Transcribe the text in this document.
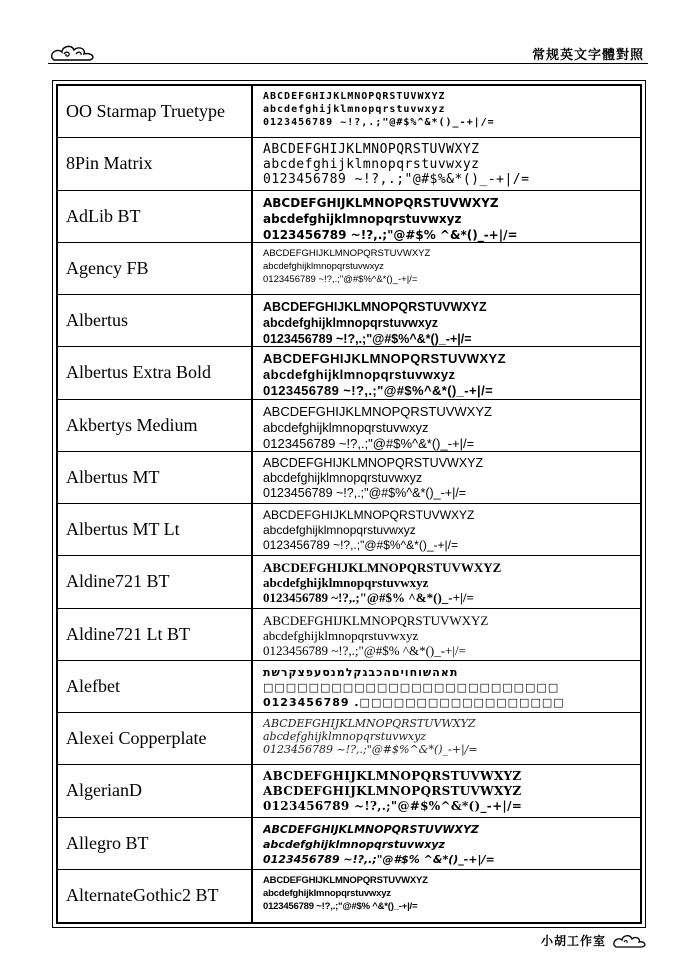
常规英文字體對照
OO Starmap Truetype
ABCDEFGHIJKLMNOPQRSTUVWXYZ
abcdefghijklmnopqrstuvwxyz
0123456789 ~!?,.;"@#$%^&*()_-+|/=
8Pin Matrix
ABCDEFGHIJKLMNOPQRSTUVWXYZ
abcdefghijklmnopqrstuvwxyz
0123456789 ~!?,.;"@#$%&*()_-+|/=
AdLib BT
ABCDEFGHIJKLMNOPQRSTUVWXYZ
abcdefghijklmnopqrstuvwxyz
0123456789 ~!?,.;"@#$% ^&*()_-+|/=
Agency FB
ABCDEFGHIJKLMNOPQRSTUVWXYZ
abcdefghijklmnopqrstuvwxyz
0123456789 ~!?,.;"@#$%^&*()_-+|/=
Albertus
ABCDEFGHIJKLMNOPQRSTUVWXYZ
abcdefghijklmnopqrstuvwxyz
0123456789 ~!?,.;"@#$%^&*()_-+|/=
Albertus Extra Bold
ABCDEFGHIJKLMNOPQRSTUVWXYZ
abcdefghijklmnopqrstuvwxyz
0123456789 ~!?,.;"@#$%^&*()_-+|/=
Akbertys Medium
ABCDEFGHIJKLMNOPQRSTUVWXYZ
abcdefghijklmnopqrstuvwxyz
0123456789 ~!?,.;"@#$%^&*()_-+|/=
Albertus MT
ABCDEFGHIJKLMNOPQRSTUVWXYZ
abcdefghijklmnopqrstuvwxyz
0123456789 ~!?,.;"@#$%^&*()_-+|/=
Albertus MT Lt
ABCDEFGHIJKLMNOPQRSTUVWXYZ
abcdefghijklmnopqrstuvwxyz
0123456789 ~!?,.;"@#$%^&*()_-+|/=
Aldine721 BT
ABCDEFGHIJKLMNOPQRSTUVWXYZ
abcdefghijklmnopqrstuvwxyz
0123456789 ~!?,.;"@#$% ^&*()_-+|/=
Aldine721 Lt BT
ABCDEFGHIJKLMNOPQRSTUVWXYZ
abcdefghijklmnopqrstuvwxyz
0123456789 ~!?,.;"@#$% ^&*()_-+|/=
Alefbet
תאהשוחויםהכבגקלמנסעפצקרשת
□□□□□□□□□□□□□□□□□□□□□□□□□□
0123456789 .□□□□□□□□□□□□□□□□□□
Alexei Copperplate
ABCDEFGHIJKLMNOPQRSTUVWXYZ
abcdefghijklmnopqrstuvwxyz
0123456789 ~!?,.;"@#$%^&*()_-+|/=
AlgerianD
ABCDEFGHIJKLMNOPQRSTUVWXYZ
ABCDEFGHIJKLMNOPQRSTUVWXYZ
0123456789 ~!?,.;"@#$%^&*()_-+|/=
Allegro BT
ABCDEFGHIJKLMNOPQRSTUVWXYZ
abcdefghijklmnopqrstuvwxyz
0123456789 ~!?,.;"@#$% ^&*()_-+|/=
AlternateGothic2 BT
ABCDEFGHIJKLMNOPQRSTUVWXYZ
abcdefghijklmnopqrstuvwxyz
0123456789 ~!?,.;"@#$% ^&*()_-+|/=
小胡工作室
